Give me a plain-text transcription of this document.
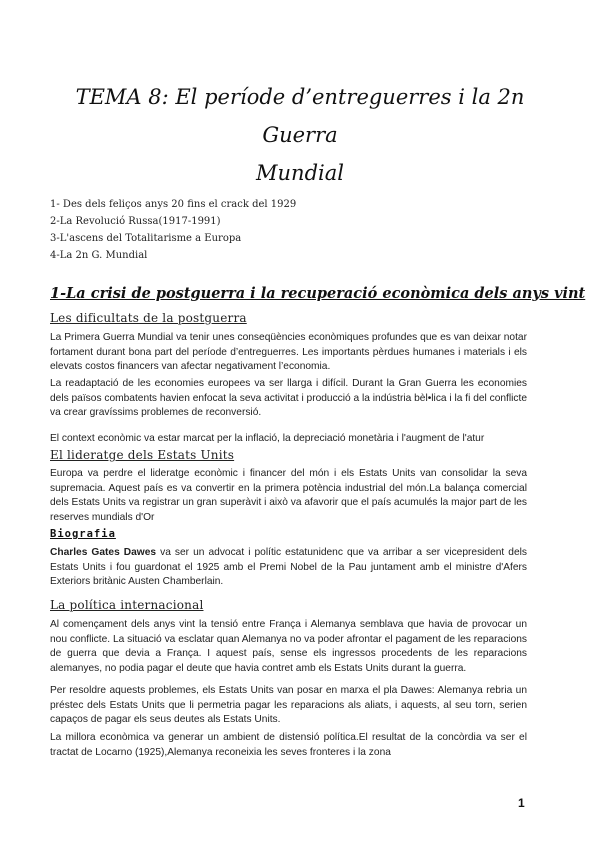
TEMA 8: El període d’entreguerres i la 2n Guerra
Mundial
1- Des dels feliços anys 20 fins el crack del 1929
2-La Revolució Russa(1917-1991)
3-L'ascens del Totalitarisme a Europa
4-La 2n G. Mundial
1-La crisi de postguerra i la recuperació econòmica dels anys vint
Les dificultats de la postguerra
La Primera Guerra Mundial va tenir unes conseqüències econòmiques profundes que es van deixar notar fortament durant bona part del període d’entreguerres. Les importants pèrdues humanes i materials i els elevats costos financers van afectar negativament l’economia.
La readaptació de les economies europees va ser llarga i difícil. Durant la Gran Guerra les economies dels països combatents havien enfocat la seva activitat i producció a la indústria bèl•lica i la fi del conflicte va crear gravíssims problemes de reconversió.
El context econòmic va estar marcat per la inflació, la depreciació monetària i l'augment de l'atur
El lideratge dels Estats Units
Europa va perdre el lideratge econòmic i financer del món i els Estats Units van consolidar la seva supremacia. Aquest país es va convertir en la primera potència industrial del món.La balança comercial dels Estats Units va registrar un gran superàvit i això va afavorir que el país acumulés la major part de les reserves mundials d'Or
Biografia
Charles Gates Dawes va ser un advocat i polític estatunidenc que va arribar a ser vicepresident dels Estats Units i fou guardonat el 1925 amb el Premi Nobel de la Pau juntament amb el ministre d'Afers Exteriors britànic Austen Chamberlain.
La política internacional
Al començament dels anys vint la tensió entre França i Alemanya semblava que havia de provocar un nou conflicte. La situació va esclatar quan Alemanya no va poder afrontar el pagament de les reparacions de guerra que devia a França. I aquest país, sense els ingressos procedents de les reparacions alemanyes, no podia pagar el deute que havia contret amb els Estats Units durant la guerra.
Per resoldre aquests problemes, els Estats Units van posar en marxa el pla Dawes: Alemanya rebria un préstec dels Estats Units que li permetria pagar les reparacions als aliats, i aquests, al seu torn, serien capaços de pagar els seus deutes als Estats Units.
La millora econòmica va generar un ambient de distensió política.El resultat de la concòrdia va ser el tractat de Locarno (1925),Alemanya reconeixia les seves fronteres i la zona
1
